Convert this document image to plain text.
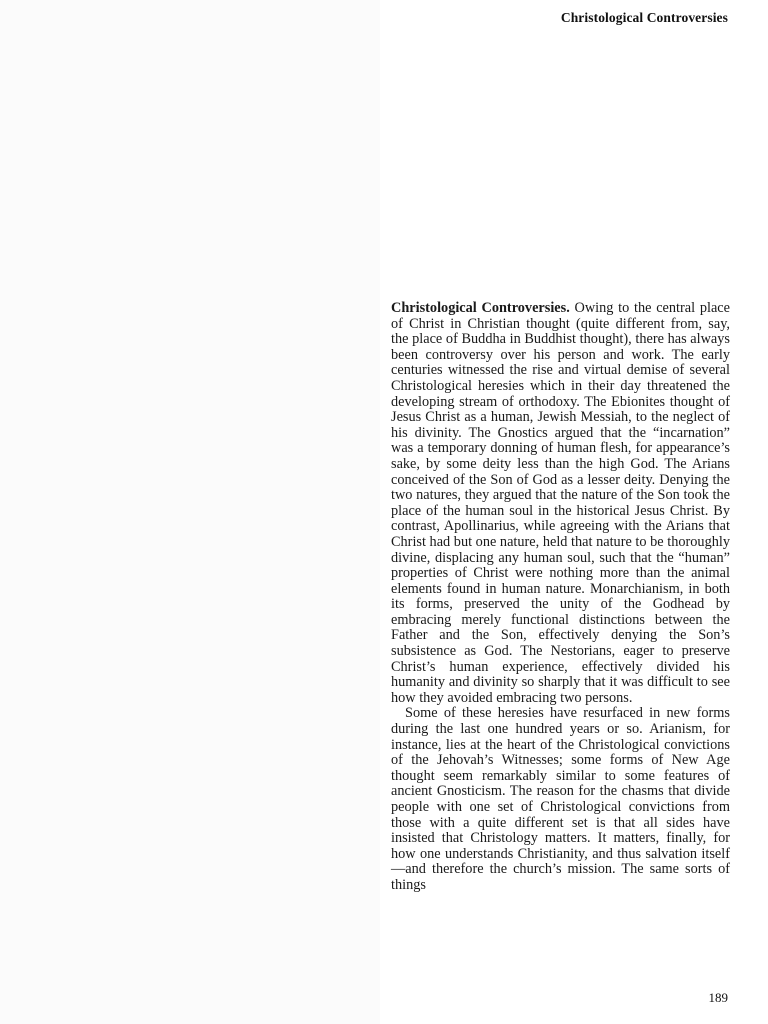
Christological Controversies

Christological Controversies. Owing to the central place of Christ in Christian thought (quite different from, say, the place of Buddha in Buddhist thought), there has always been controversy over his person and work. The early centuries witnessed the rise and virtual demise of several Christological heresies which in their day threatened the developing stream of orthodoxy. The Ebionites thought of Jesus Christ as a human, Jewish Messiah, to the neglect of his divinity. The Gnostics argued that the “incarnation” was a temporary donning of human flesh, for appearance’s sake, by some deity less than the high God. The Arians conceived of the Son of God as a lesser deity. Denying the two natures, they argued that the nature of the Son took the place of the human soul in the historical Jesus Christ. By contrast, Apollinarius, while agreeing with the Arians that Christ had but one nature, held that nature to be thoroughly divine, displacing any human soul, such that the “human” properties of Christ were nothing more than the animal elements found in human nature. Monarchianism, in both its forms, preserved the unity of the Godhead by embracing merely functional distinctions between the Father and the Son, effectively denying the Son’s subsistence as God. The Nestorians, eager to preserve Christ’s human experience, effectively divided his humanity and divinity so sharply that it was difficult to see how they avoided embracing two persons.

Some of these heresies have resurfaced in new forms during the last one hundred years or so. Arianism, for instance, lies at the heart of the Christological convictions of the Jehovah’s Witnesses; some forms of New Age thought seem remarkably similar to some features of ancient Gnosticism. The reason for the chasms that divide people with one set of Christological convictions from those with a quite different set is that all sides have insisted that Christology matters. It matters, finally, for how one understands Christianity, and thus salvation itself—and therefore the church’s mission. The same sorts of things

189
